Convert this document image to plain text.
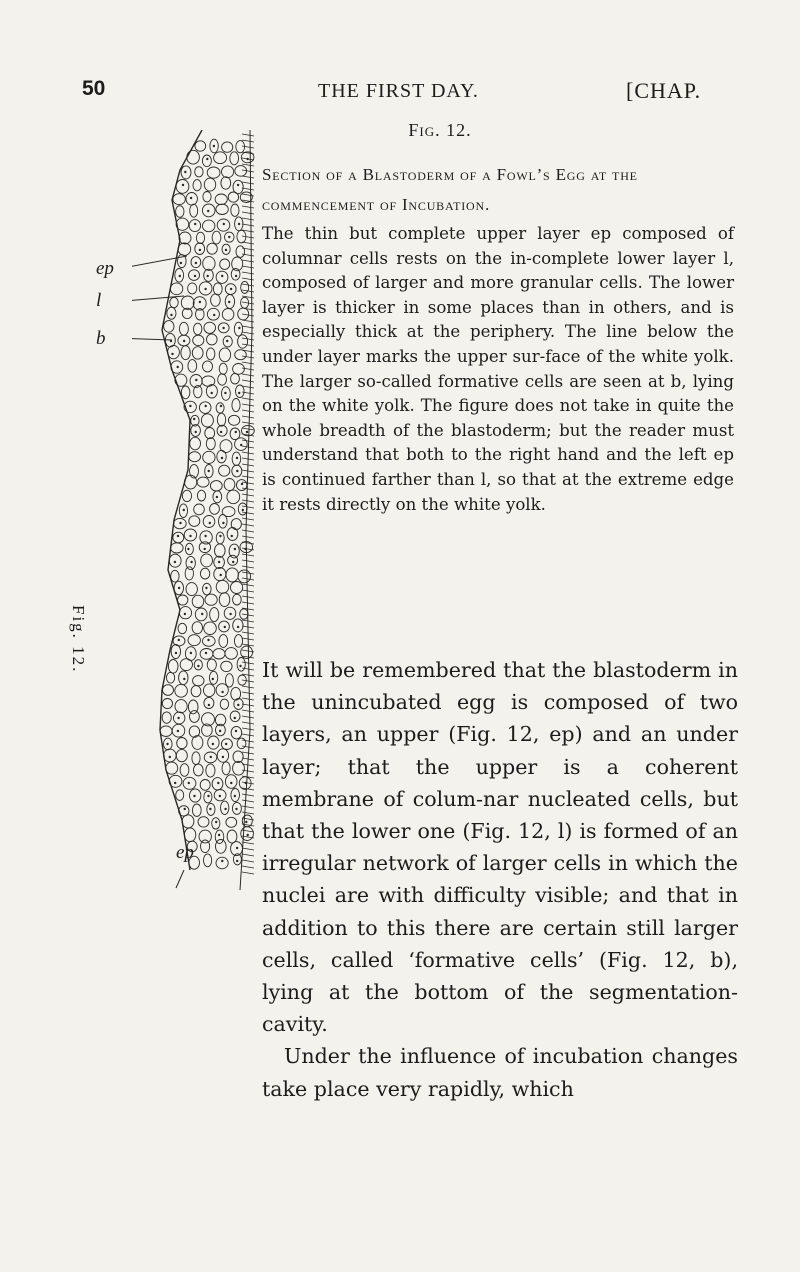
50	THE FIRST DAY.	[CHAP.
Fig. 12.
ep
l
b
ep
Fig. 12.
Section of a Blastoderm of a Fowl’s Egg at the commencement of Incubation.
The thin but complete upper layer ep composed of columnar cells rests on the in-complete lower layer l, composed of larger and more granular cells. The lower layer is thicker in some places than in others, and is especially thick at the periphery. The line below the under layer marks the upper sur-face of the white yolk. The larger so-called formative cells are seen at b, lying on the white yolk. The figure does not take in quite the whole breadth of the blastoderm; but the reader must understand that both to the right hand and the left ep is continued farther than l, so that at the extreme edge it rests directly on the white yolk.

It will be remembered that the blastoderm in the unincubated egg is composed of two layers, an upper (Fig. 12, ep) and an under layer; that the upper is a coherent membrane of colum-nar nucleated cells, but that the lower one (Fig. 12, l) is formed of an irregular network of larger cells in which the nuclei are with difficulty visible; and that in addition to this there are certain still larger cells, called ‘formative cells’ (Fig. 12, b), lying at the bottom of the segmentation-cavity.

Under the influence of incubation changes take place very rapidly, which
